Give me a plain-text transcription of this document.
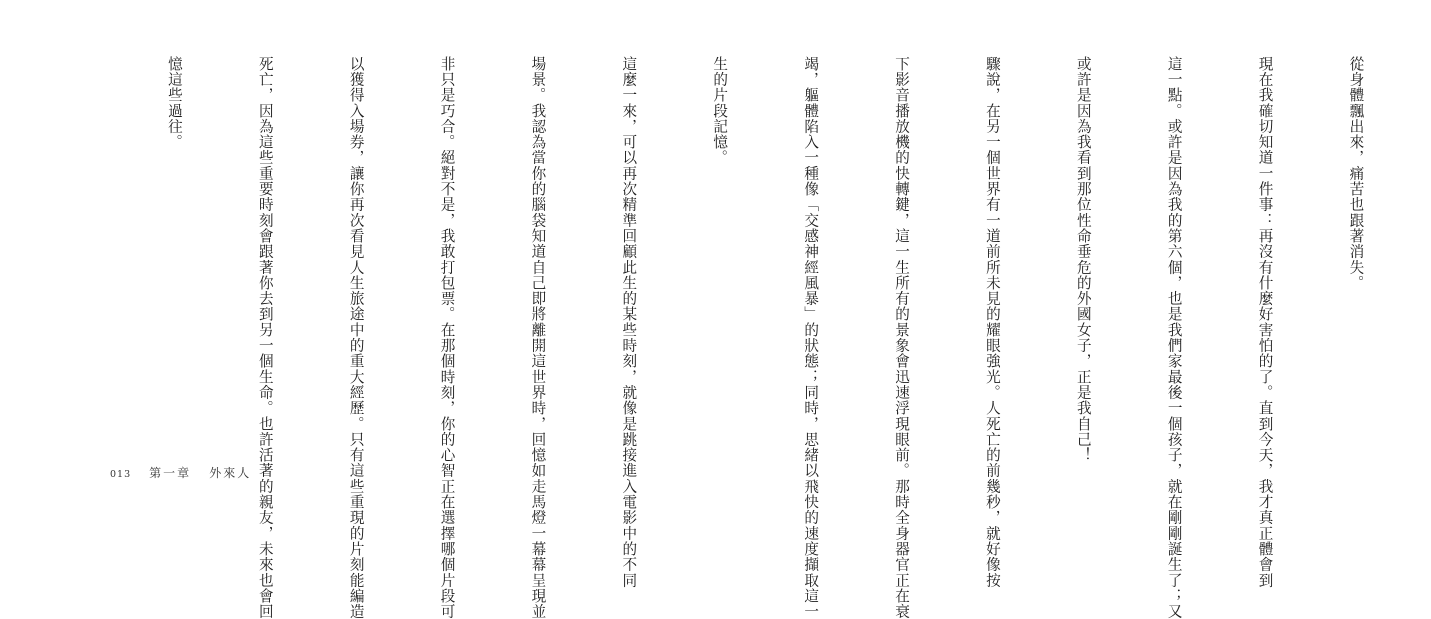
從身體飄出來，痛苦也跟著消失。

現在我確切知道一件事：再沒有什麼好害怕的了。直到今天，我才真正體會到

這一點。或許是因為我的第六個，也是我們家最後一個孩子，就在剛剛誕生了；又

或許是因為我看到那位性命垂危的外國女子，正是我自己！

驟說，在另一個世界有一道前所未見的耀眼強光。人死亡的前幾秒，就好像按

下影音播放機的快轉鍵，這一生所有的景象會迅速浮現眼前。那時全身器官正在衰

竭，軀體陷入一種像「交感神經風暴」的狀態；同時，思緒以飛快的速度擷取這一

生的片段記憶。

這麼一來，可以再次精準回顧此生的某些時刻，就像是跳接進入電影中的不同

場景。我認為當你的腦袋知道自己即將離開這世界時，回憶如走馬燈一幕幕呈現並

非只是巧合。絕對不是，我敢打包票。在那個時刻，你的心智正在選擇哪個片段可

以獲得入場券，讓你再次看見人生旅途中的重大經歷。只有這些重現的片刻能編造

死亡，因為這些重要時刻會跟著你去到另一個生命。也許活著的親友，未來也會回

憶這些過往。

013 第一章 外來人
